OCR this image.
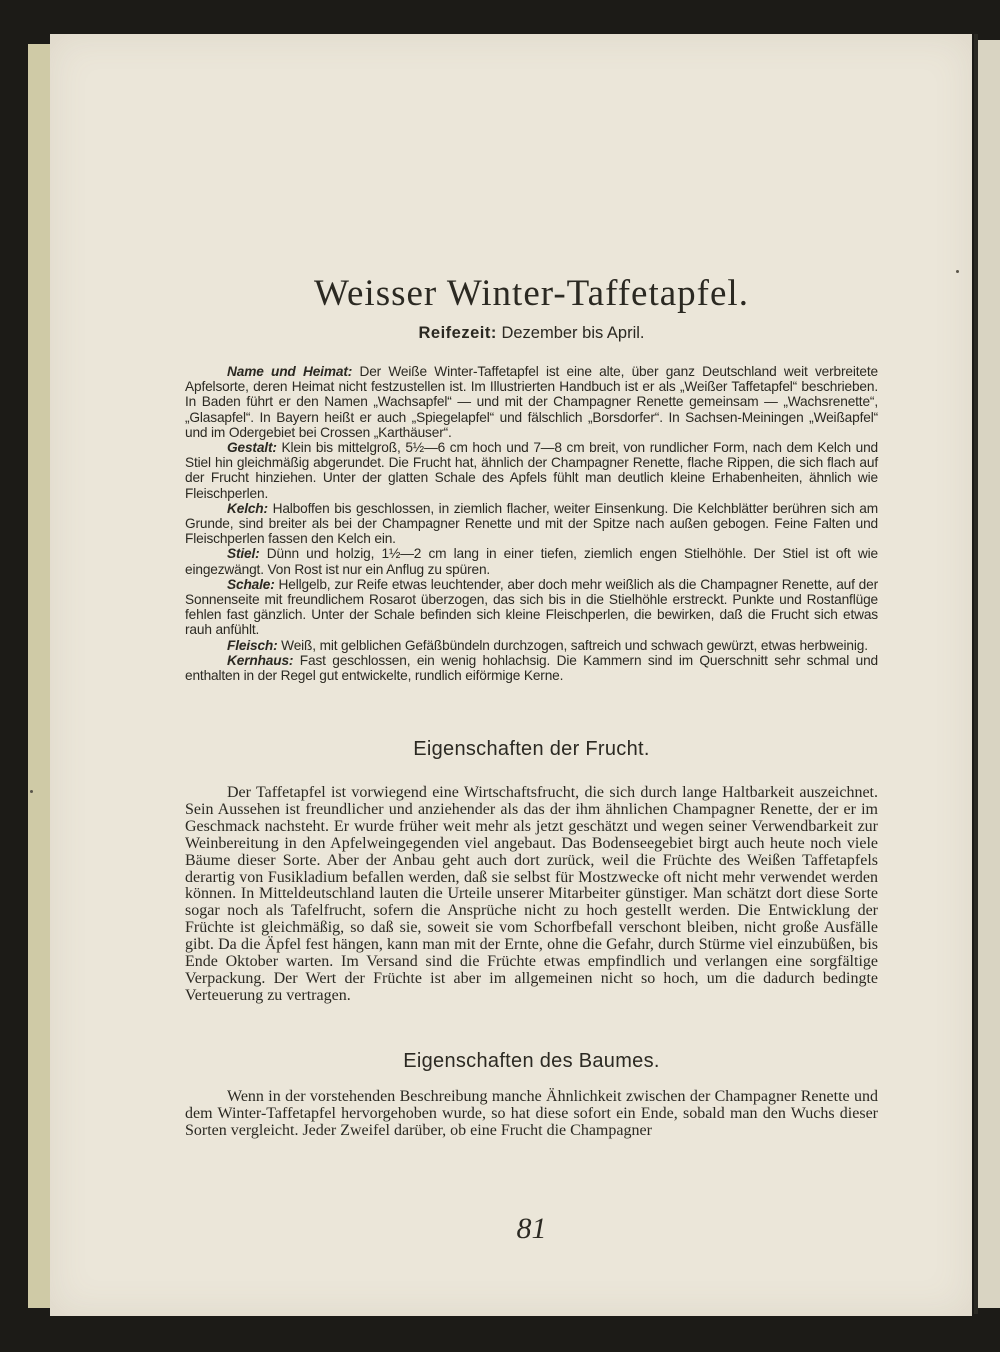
Weisser Winter-Taffetapfel.
Reifezeit: Dezember bis April.

Name und Heimat: Der Weiße Winter-Taffetapfel ist eine alte, über ganz Deutschland weit verbreitete Apfelsorte, deren Heimat nicht festzustellen ist. Im Illustrierten Handbuch ist er als „Weißer Taffetapfel“ beschrieben. In Baden führt er den Namen „Wachsapfel“ — und mit der Champagner Renette gemeinsam — „Wachsrenette“, „Glasapfel“. In Bayern heißt er auch „Spiegelapfel“ und fälschlich „Borsdorfer“. In Sachsen-Meiningen „Weißapfel“ und im Odergebiet bei Crossen „Karthäuser“.

Gestalt: Klein bis mittelgroß, 5½—6 cm hoch und 7—8 cm breit, von rundlicher Form, nach dem Kelch und Stiel hin gleichmäßig abgerundet. Die Frucht hat, ähnlich der Champagner Renette, flache Rippen, die sich flach auf der Frucht hinziehen. Unter der glatten Schale des Apfels fühlt man deutlich kleine Erhabenheiten, ähnlich wie Fleischperlen.

Kelch: Halboffen bis geschlossen, in ziemlich flacher, weiter Einsenkung. Die Kelchblätter berühren sich am Grunde, sind breiter als bei der Champagner Renette und mit der Spitze nach außen gebogen. Feine Falten und Fleischperlen fassen den Kelch ein.

Stiel: Dünn und holzig, 1½—2 cm lang in einer tiefen, ziemlich engen Stielhöhle. Der Stiel ist oft wie eingezwängt. Von Rost ist nur ein Anflug zu spüren.

Schale: Hellgelb, zur Reife etwas leuchtender, aber doch mehr weißlich als die Champagner Renette, auf der Sonnenseite mit freundlichem Rosarot überzogen, das sich bis in die Stielhöhle erstreckt. Punkte und Rostanflüge fehlen fast gänzlich. Unter der Schale befinden sich kleine Fleischperlen, die bewirken, daß die Frucht sich etwas rauh anfühlt.

Fleisch: Weiß, mit gelblichen Gefäßbündeln durchzogen, saftreich und schwach gewürzt, etwas herbweinig.

Kernhaus: Fast geschlossen, ein wenig hohlachsig. Die Kammern sind im Querschnitt sehr schmal und enthalten in der Regel gut entwickelte, rundlich eiförmige Kerne.

Eigenschaften der Frucht.

Der Taffetapfel ist vorwiegend eine Wirtschaftsfrucht, die sich durch lange Haltbarkeit auszeichnet. Sein Aussehen ist freundlicher und anziehender als das der ihm ähnlichen Champagner Renette, der er im Geschmack nachsteht. Er wurde früher weit mehr als jetzt geschätzt und wegen seiner Verwendbarkeit zur Weinbereitung in den Apfelweingegenden viel angebaut. Das Bodenseegebiet birgt auch heute noch viele Bäume dieser Sorte. Aber der Anbau geht auch dort zurück, weil die Früchte des Weißen Taffetapfels derartig von Fusikladium befallen werden, daß sie selbst für Mostzwecke oft nicht mehr verwendet werden können. In Mitteldeutschland lauten die Urteile unserer Mitarbeiter günstiger. Man schätzt dort diese Sorte sogar noch als Tafelfrucht, sofern die Ansprüche nicht zu hoch gestellt werden. Die Entwicklung der Früchte ist gleichmäßig, so daß sie, soweit sie vom Schorfbefall verschont bleiben, nicht große Ausfälle gibt. Da die Äpfel fest hängen, kann man mit der Ernte, ohne die Gefahr, durch Stürme viel einzubüßen, bis Ende Oktober warten. Im Versand sind die Früchte etwas empfindlich und verlangen eine sorgfältige Verpackung. Der Wert der Früchte ist aber im allgemeinen nicht so hoch, um die dadurch bedingte Verteuerung zu vertragen.

Eigenschaften des Baumes.

Wenn in der vorstehenden Beschreibung manche Ähnlichkeit zwischen der Champagner Renette und dem Winter-Taffetapfel hervorgehoben wurde, so hat diese sofort ein Ende, sobald man den Wuchs dieser Sorten vergleicht. Jeder Zweifel darüber, ob eine Frucht die Champagner

81
